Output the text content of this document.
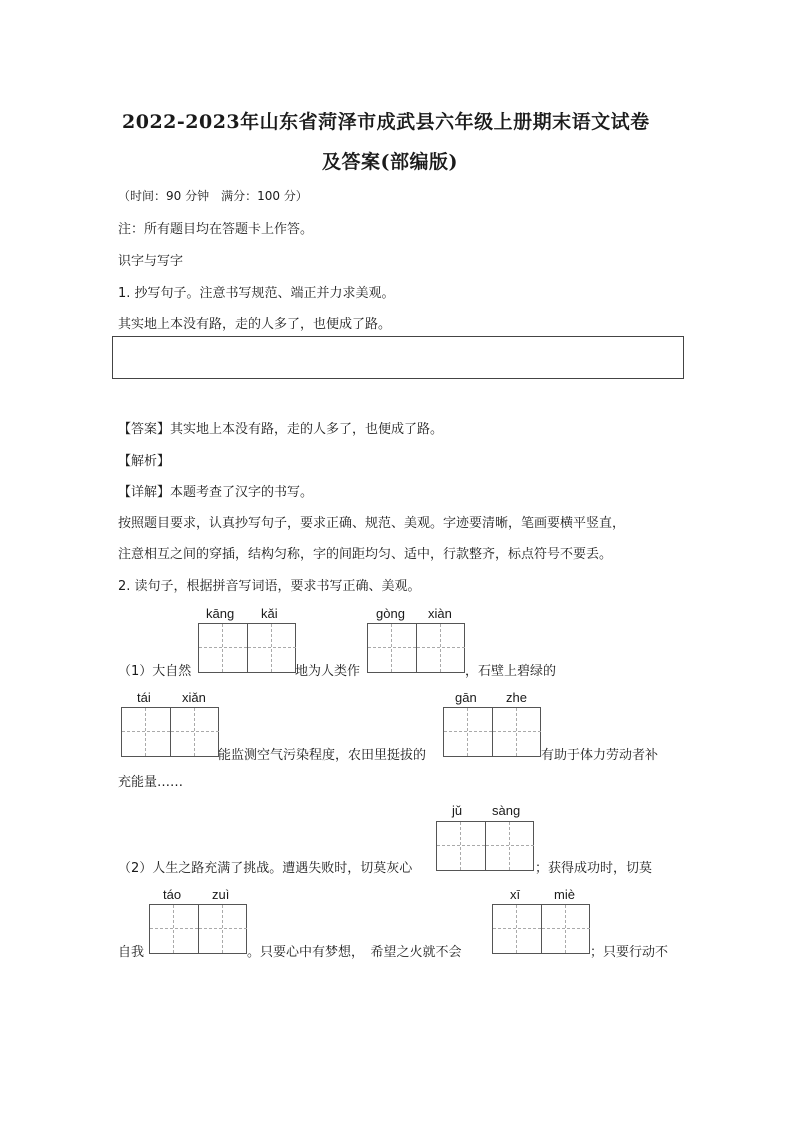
2022-2023年山东省菏泽市成武县六年级上册期末语文试卷
及答案(部编版)
（时间：90 分钟　满分：100 分）
注：所有题目均在答题卡上作答。
识字与写字
1. 抄写句子。注意书写规范、端正并力求美观。
其实地上本没有路，走的人多了，也便成了路。
【答案】其实地上本没有路，走的人多了，也便成了路。
【解析】
【详解】本题考查了汉字的书写。
按照题目要求，认真抄写句子，要求正确、规范、美观。字迹要清晰，笔画要横平竖直，
注意相互之间的穿插，结构匀称，字的间距均匀、适中，行款整齐，标点符号不要丢。
2. 读句子，根据拼音写词语，要求书写正确、美观。
kāng kǎi	gòng xiàn
（1）大自然	地为人类作	，石壁上碧绿的
tái xiǎn	gān zhe
能监测空气污染程度，农田里挺拔的	有助于体力劳动者补
充能量……
jǔ sàng
（2）人生之路充满了挑战。遭遇失败时，切莫灰心	；获得成功时，切莫
táo zuì	xī	miè
自我	。只要心中有梦想，　希望之火就不会	；只要行动不
